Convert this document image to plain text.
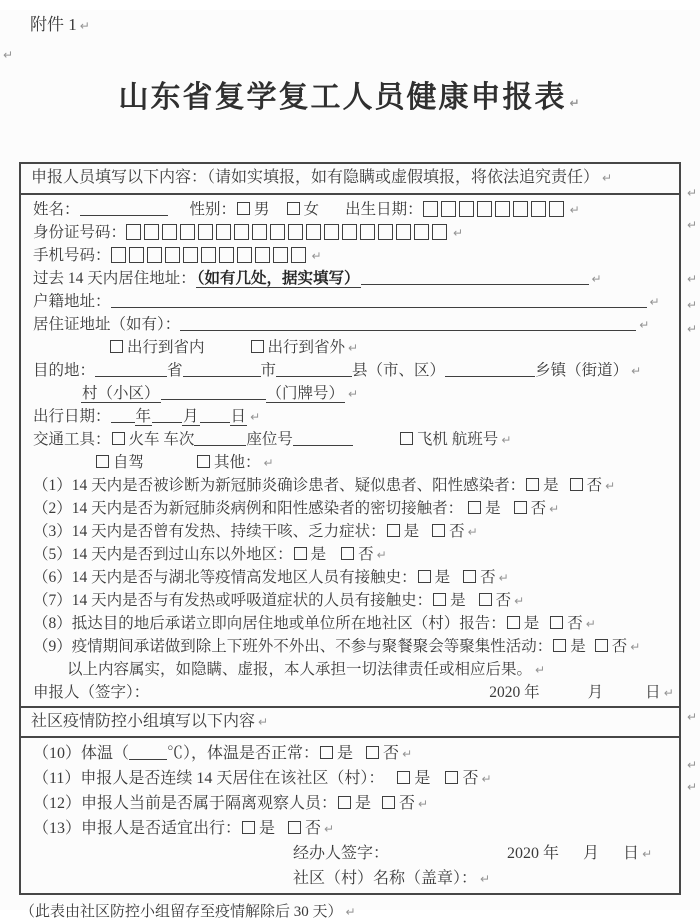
附件 1 ↵
↵
山东省复学复工人员健康申报表 ↵
申报人员填写以下内容：（请如实填报，如有隐瞒或虚假填报，将依法追究责任） ↵
姓名：	性别： 男 女 出生日期：	↵
身份证号码：	↵
手机号码：	↵
过去 14 天内居住地址：（如有几处，据实填写）	↵
户籍地址：	↵
居住证地址（如有）：	↵
出行到省内	出行到省外 ↵
目的地：	省	市	县（市、区）	乡镇（街道） ↵
村（小区）	（门牌号） ↵
出行日期： 年 月 日 ↵
交通工具： 火车 车次	座位号	飞机 航班号 ↵
自驾	其他： ↵
（1）14 天内是否被诊断为新冠肺炎确诊患者、疑似患者、阳性感染者： 是 否 ↵
（2）14 天内是否为新冠肺炎病例和阳性感染者的密切接触者： 是 否 ↵
（3）14 天内是否曾有发热、持续干咳、乏力症状： 是 否 ↵
（5）14 天内是否到过山东以外地区： 是 否 ↵
（6）14 天内是否与湖北等疫情高发地区人员有接触史： 是 否 ↵
（7）14 天内是否与有发热或呼吸道症状的人员有接触史： 是 否 ↵
（8）抵达目的地后承诺立即向居住地或单位所在地社区（村）报告： 是 否 ↵
（9）疫情期间承诺做到除上下班外不外出、不参与聚餐聚会等聚集性活动： 是 否 ↵
以上内容属实，如隐瞒、虚报，本人承担一切法律责任或相应后果。 ↵
申报人（签字）：	2020 年	月	日 ↵
社区疫情防控小组填写以下内容 ↵
（10）体温（ ℃），体温是否正常： 是 否 ↵
（11）申报人是否连续 14 天居住在该社区（村）： 是 否 ↵
（12）申报人当前是否属于隔离观察人员： 是 否 ↵
（13）申报人是否适宜出行： 是 否 ↵
经办人签字：	2020 年 月 日 ↵
社区（村）名称（盖章）： ↵
（此表由社区防控小组留存至疫情解除后 30 天） ↵
↵
↵
↵
↵
↵
↵
↵
↵
